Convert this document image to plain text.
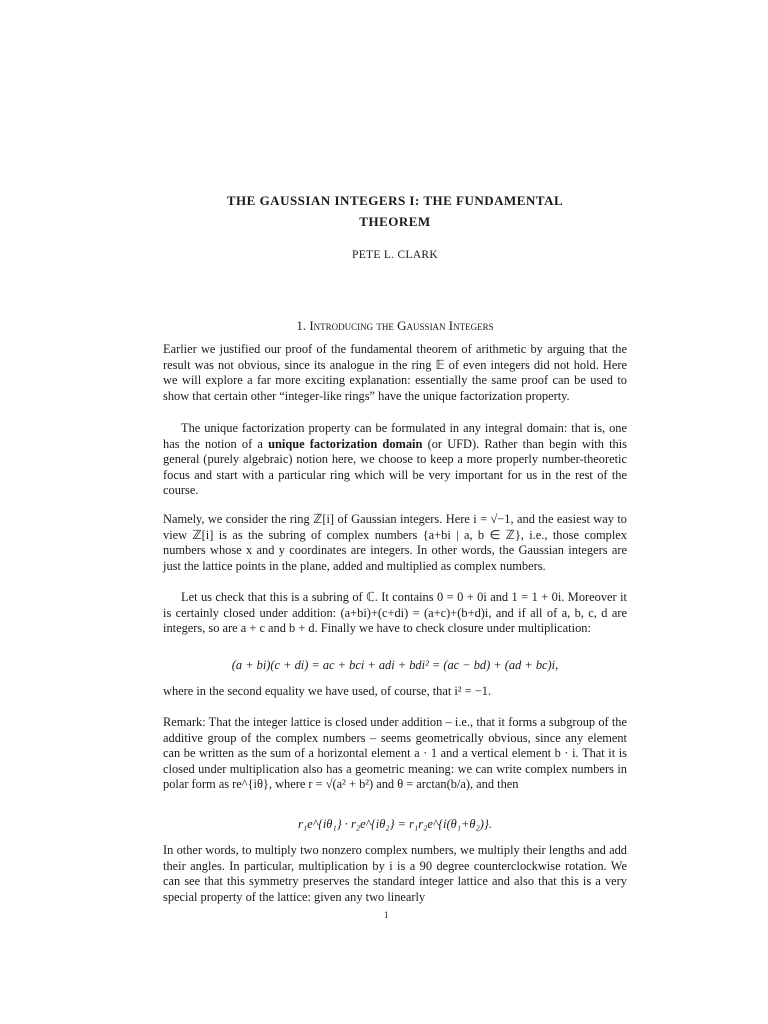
THE GAUSSIAN INTEGERS I: THE FUNDAMENTAL
THEOREM
PETE L. CLARK
1. Introducing the Gaussian Integers
Earlier we justified our proof of the fundamental theorem of arithmetic by arguing that the result was not obvious, since its analogue in the ring 𝔼 of even integers did not hold. Here we will explore a far more exciting explanation: essentially the same proof can be used to show that certain other “integer-like rings” have the unique factorization property.
The unique factorization property can be formulated in any integral domain: that is, one has the notion of a unique factorization domain (or UFD). Rather than begin with this general (purely algebraic) notion here, we choose to keep a more properly number-theoretic focus and start with a particular ring which will be very important for us in the rest of the course.
Namely, we consider the ring ℤ[i] of Gaussian integers. Here i = √−1, and the easiest way to view ℤ[i] is as the subring of complex numbers {a+bi | a, b ∈ ℤ}, i.e., those complex numbers whose x and y coordinates are integers. In other words, the Gaussian integers are just the lattice points in the plane, added and multiplied as complex numbers.
Let us check that this is a subring of ℂ. It contains 0 = 0 + 0i and 1 = 1 + 0i. Moreover it is certainly closed under addition: (a+bi)+(c+di) = (a+c)+(b+d)i, and if all of a, b, c, d are integers, so are a + c and b + d. Finally we have to check closure under multiplication:
(a + bi)(c + di) = ac + bci + adi + bdi² = (ac − bd) + (ad + bc)i,
where in the second equality we have used, of course, that i² = −1.
Remark: That the integer lattice is closed under addition – i.e., that it forms a subgroup of the additive group of the complex numbers – seems geometrically obvious, since any element can be written as the sum of a horizontal element a · 1 and a vertical element b · i. That it is closed under multiplication also has a geometric meaning: we can write complex numbers in polar form as re^{iθ}, where r = √(a² + b²) and θ = arctan(b/a), and then
r₁e^{iθ₁} · r₂e^{iθ₂} = r₁r₂e^{i(θ₁+θ₂)}.
In other words, to multiply two nonzero complex numbers, we multiply their lengths and add their angles. In particular, multiplication by i is a 90 degree counterclockwise rotation. We can see that this symmetry preserves the standard integer lattice and also that this is a very special property of the lattice: given any two linearly
1
